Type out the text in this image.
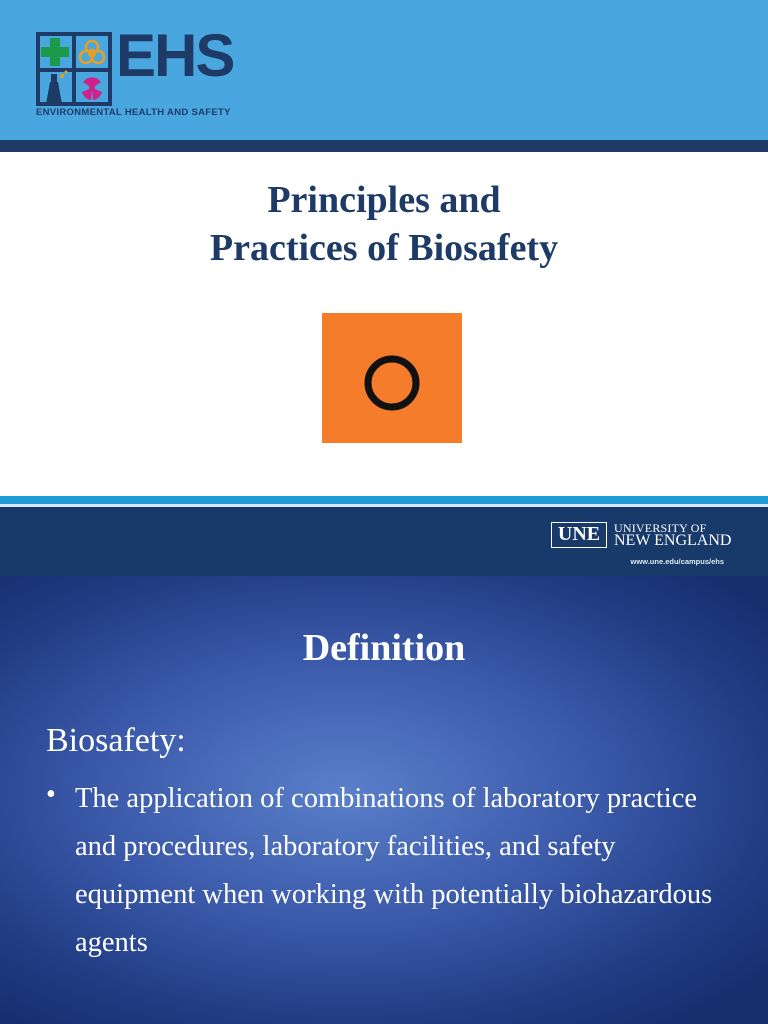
EHS
ENVIRONMENTAL HEALTH AND SAFETY
Principles and
Practices of Biosafety
UNE	UNIVERSITY OF
NEW ENGLAND
www.une.edu/campus/ehs
Definition
Biosafety:
• The application of combinations of laboratory practice and procedures, laboratory facilities, and safety equipment when working with potentially biohazardous agents
